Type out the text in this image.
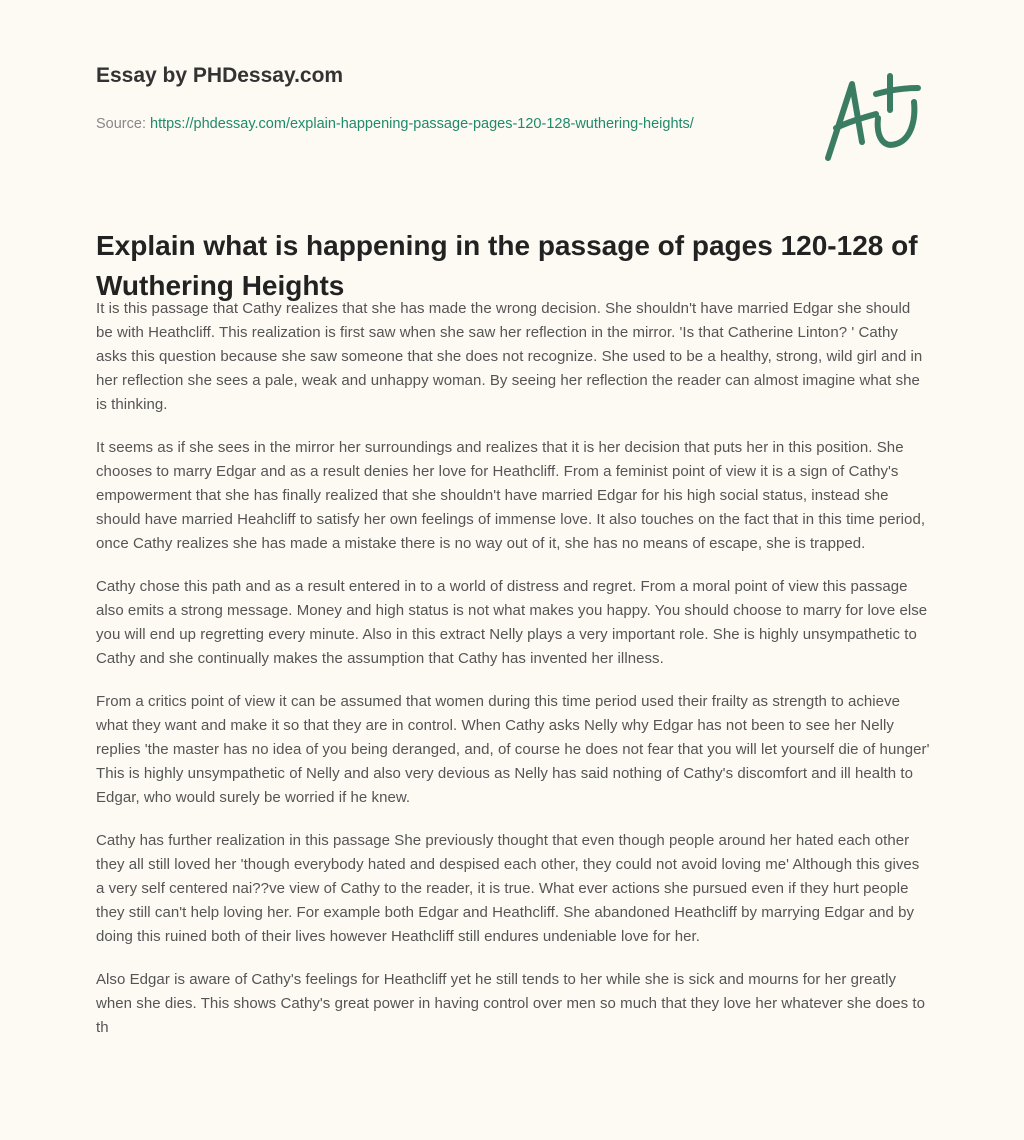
Essay by PHDessay.com
Source: https://phdessay.com/explain-happening-passage-pages-120-128-wuthering-heights/
Explain what is happening in the passage of pages 120-128 of Wuthering Heights

It is this passage that Cathy realizes that she has made the wrong decision. She shouldn't have married Edgar she should be with Heathcliff. This realization is first saw when she saw her reflection in the mirror. 'Is that Catherine Linton? ' Cathy asks this question because she saw someone that she does not recognize. She used to be a healthy, strong, wild girl and in her reflection she sees a pale, weak and unhappy woman. By seeing her reflection the reader can almost imagine what she is thinking.

It seems as if she sees in the mirror her surroundings and realizes that it is her decision that puts her in this position. She chooses to marry Edgar and as a result denies her love for Heathcliff. From a feminist point of view it is a sign of Cathy's empowerment that she has finally realized that she shouldn't have married Edgar for his high social status, instead she should have married Heahcliff to satisfy her own feelings of immense love. It also touches on the fact that in this time period, once Cathy realizes she has made a mistake there is no way out of it, she has no means of escape, she is trapped.

Cathy chose this path and as a result entered in to a world of distress and regret. From a moral point of view this passage also emits a strong message. Money and high status is not what makes you happy. You should choose to marry for love else you will end up regretting every minute. Also in this extract Nelly plays a very important role. She is highly unsympathetic to Cathy and she continually makes the assumption that Cathy has invented her illness.

From a critics point of view it can be assumed that women during this time period used their frailty as strength to achieve what they want and make it so that they are in control. When Cathy asks Nelly why Edgar has not been to see her Nelly replies 'the master has no idea of you being deranged, and, of course he does not fear that you will let yourself die of hunger' This is highly unsympathetic of Nelly and also very devious as Nelly has said nothing of Cathy's discomfort and ill health to Edgar, who would surely be worried if he knew.

Cathy has further realization in this passage She previously thought that even though people around her hated each other they all still loved her 'though everybody hated and despised each other, they could not avoid loving me' Although this gives a very self centered nai??ve view of Cathy to the reader, it is true. What ever actions she pursued even if they hurt people they still can't help loving her. For example both Edgar and Heathcliff. She abandoned Heathcliff by marrying Edgar and by doing this ruined both of their lives however Heathcliff still endures undeniable love for her.

Also Edgar is aware of Cathy's feelings for Heathcliff yet he still tends to her while she is sick and mourns for her greatly when she dies. This shows Cathy's great power in having control over men so much that they love her whatever she does to th
